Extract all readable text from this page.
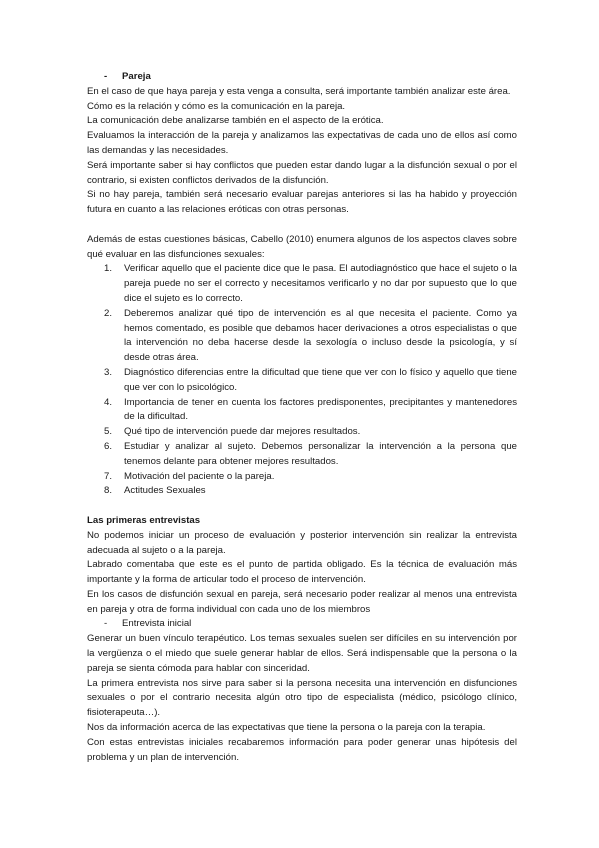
- Pareja

En el caso de que haya pareja y esta venga a consulta, será importante también analizar este área.

Cómo es la relación y cómo es la comunicación en la pareja.

La comunicación debe analizarse también en el aspecto de la erótica.

Evaluamos la interacción de la pareja y analizamos las expectativas de cada uno de ellos así como las demandas y las necesidades.

Será importante saber si hay conflictos que pueden estar dando lugar a la disfunción sexual o por el contrario, si existen conflictos derivados de la disfunción.

Si no hay pareja, también será necesario evaluar parejas anteriores si las ha habido y proyección futura en cuanto a las relaciones eróticas con otras personas.

Además de estas cuestiones básicas, Cabello (2010) enumera algunos de los aspectos claves sobre qué evaluar en las disfunciones sexuales:

1. Verificar aquello que el paciente dice que le pasa. El autodiagnóstico que hace el sujeto o la pareja puede no ser el correcto y necesitamos verificarlo y no dar por supuesto que lo que dice el sujeto es lo correcto.
2. Deberemos analizar qué tipo de intervención es al que necesita el paciente. Como ya hemos comentado, es posible que debamos hacer derivaciones a otros especialistas o que la intervención no deba hacerse desde la sexología o incluso desde la psicología, y sí desde otras área.
3. Diagnóstico diferencias entre la dificultad que tiene que ver con lo físico y aquello que tiene que ver con lo psicológico.
4. Importancia de tener en cuenta los factores predisponentes, precipitantes y mantenedores de la dificultad.
5. Qué tipo de intervención puede dar mejores resultados.
6. Estudiar y analizar al sujeto. Debemos personalizar la intervención a la persona que tenemos delante para obtener mejores resultados.
7. Motivación del paciente o la pareja.
8. Actitudes Sexuales

Las primeras entrevistas

No podemos iniciar un proceso de evaluación y posterior intervención sin realizar la entrevista adecuada al sujeto o a la pareja.

Labrado comentaba que este es el punto de partida obligado. Es la técnica de evaluación más importante y la forma de articular todo el proceso de intervención.

En los casos de disfunción sexual en pareja, será necesario poder realizar al menos una entrevista en pareja y otra de forma individual con cada uno de los miembros

- Entrevista inicial

Generar un buen vínculo terapéutico. Los temas sexuales suelen ser difíciles en su intervención por la vergüenza o el miedo que suele generar hablar de ellos. Será indispensable que la persona o la pareja se sienta cómoda para hablar con sinceridad.

La primera entrevista nos sirve para saber si la persona necesita una intervención en disfunciones sexuales o por el contrario necesita algún otro tipo de especialista (médico, psicólogo clínico, fisioterapeuta…).

Nos da información acerca de las expectativas que tiene la persona o la pareja con la terapia.

Con estas entrevistas iniciales recabaremos información para poder generar unas hipótesis del problema y un plan de intervención.
